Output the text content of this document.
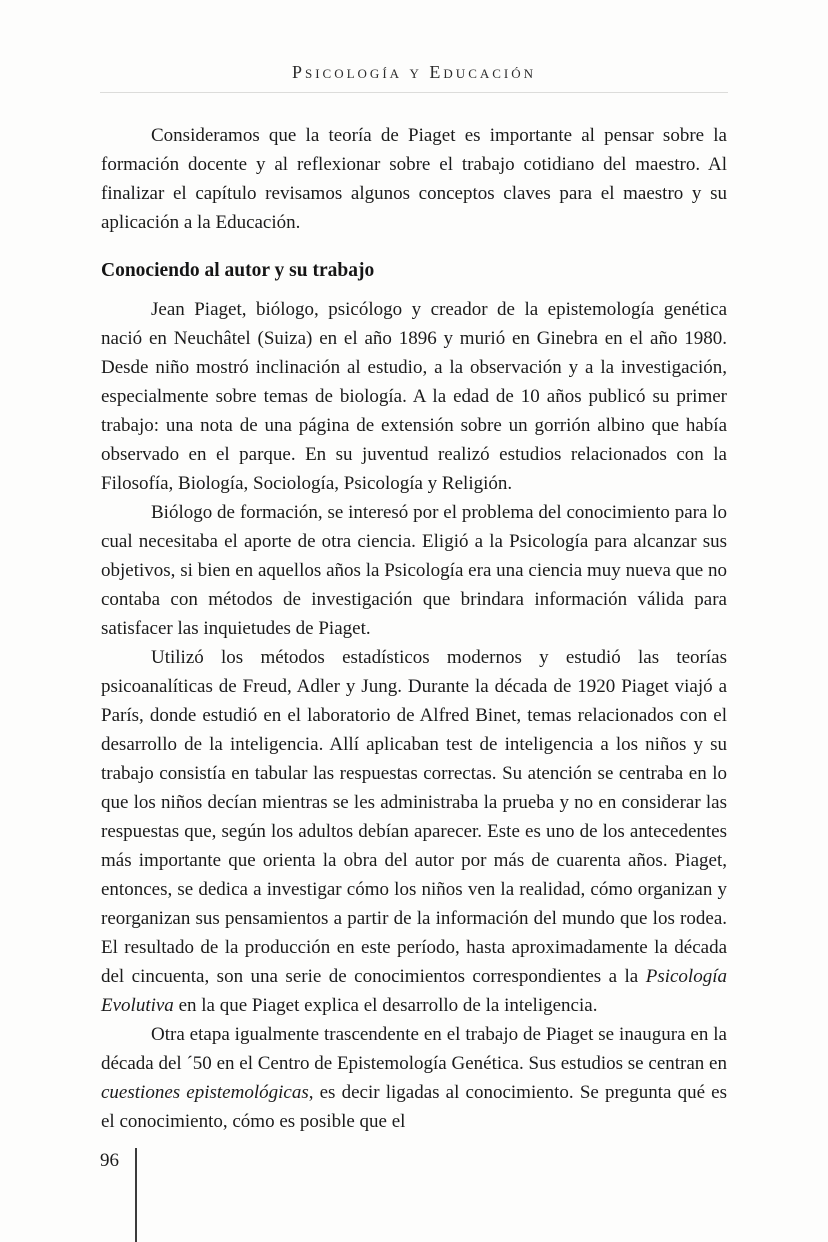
Psicología y Educación

Consideramos que la teoría de Piaget es importante al pensar sobre la formación docente y al reflexionar sobre el trabajo cotidiano del maestro. Al finalizar el capítulo revisamos algunos conceptos claves para el maestro y su aplicación a la Educación.

Conociendo al autor y su trabajo

Jean Piaget, biólogo, psicólogo y creador de la epistemología genética nació en Neuchâtel (Suiza) en el año 1896 y murió en Ginebra en el año 1980. Desde niño mostró inclinación al estudio, a la observación y a la investigación, especialmente sobre temas de biología. A la edad de 10 años publicó su primer trabajo: una nota de una página de extensión sobre un gorrión albino que había observado en el parque. En su juventud realizó estudios relacionados con la Filosofía, Biología, Sociología, Psicología y Religión.

Biólogo de formación, se interesó por el problema del conocimiento para lo cual necesitaba el aporte de otra ciencia. Eligió a la Psicología para alcanzar sus objetivos, si bien en aquellos años la Psicología era una ciencia muy nueva que no contaba con métodos de investigación que brindara información válida para satisfacer las inquietudes de Piaget.

Utilizó los métodos estadísticos modernos y estudió las teorías psicoanalíticas de Freud, Adler y Jung. Durante la década de 1920 Piaget viajó a París, donde estudió en el laboratorio de Alfred Binet, temas relacionados con el desarrollo de la inteligencia. Allí aplicaban test de inteligencia a los niños y su trabajo consistía en tabular las respuestas correctas. Su atención se centraba en lo que los niños decían mientras se les administraba la prueba y no en considerar las respuestas que, según los adultos debían aparecer. Este es uno de los antecedentes más importante que orienta la obra del autor por más de cuarenta años. Piaget, entonces, se dedica a investigar cómo los niños ven la realidad, cómo organizan y reorganizan sus pensamientos a partir de la información del mundo que los rodea. El resultado de la producción en este período, hasta aproximadamente la década del cincuenta, son una serie de conocimientos correspondientes a la Psicología Evolutiva en la que Piaget explica el desarrollo de la inteligencia.

Otra etapa igualmente trascendente en el trabajo de Piaget se inaugura en la década del ´50 en el Centro de Epistemología Genética. Sus estudios se centran en cuestiones epistemológicas, es decir ligadas al conocimiento. Se pregunta qué es el conocimiento, cómo es posible que el

96
